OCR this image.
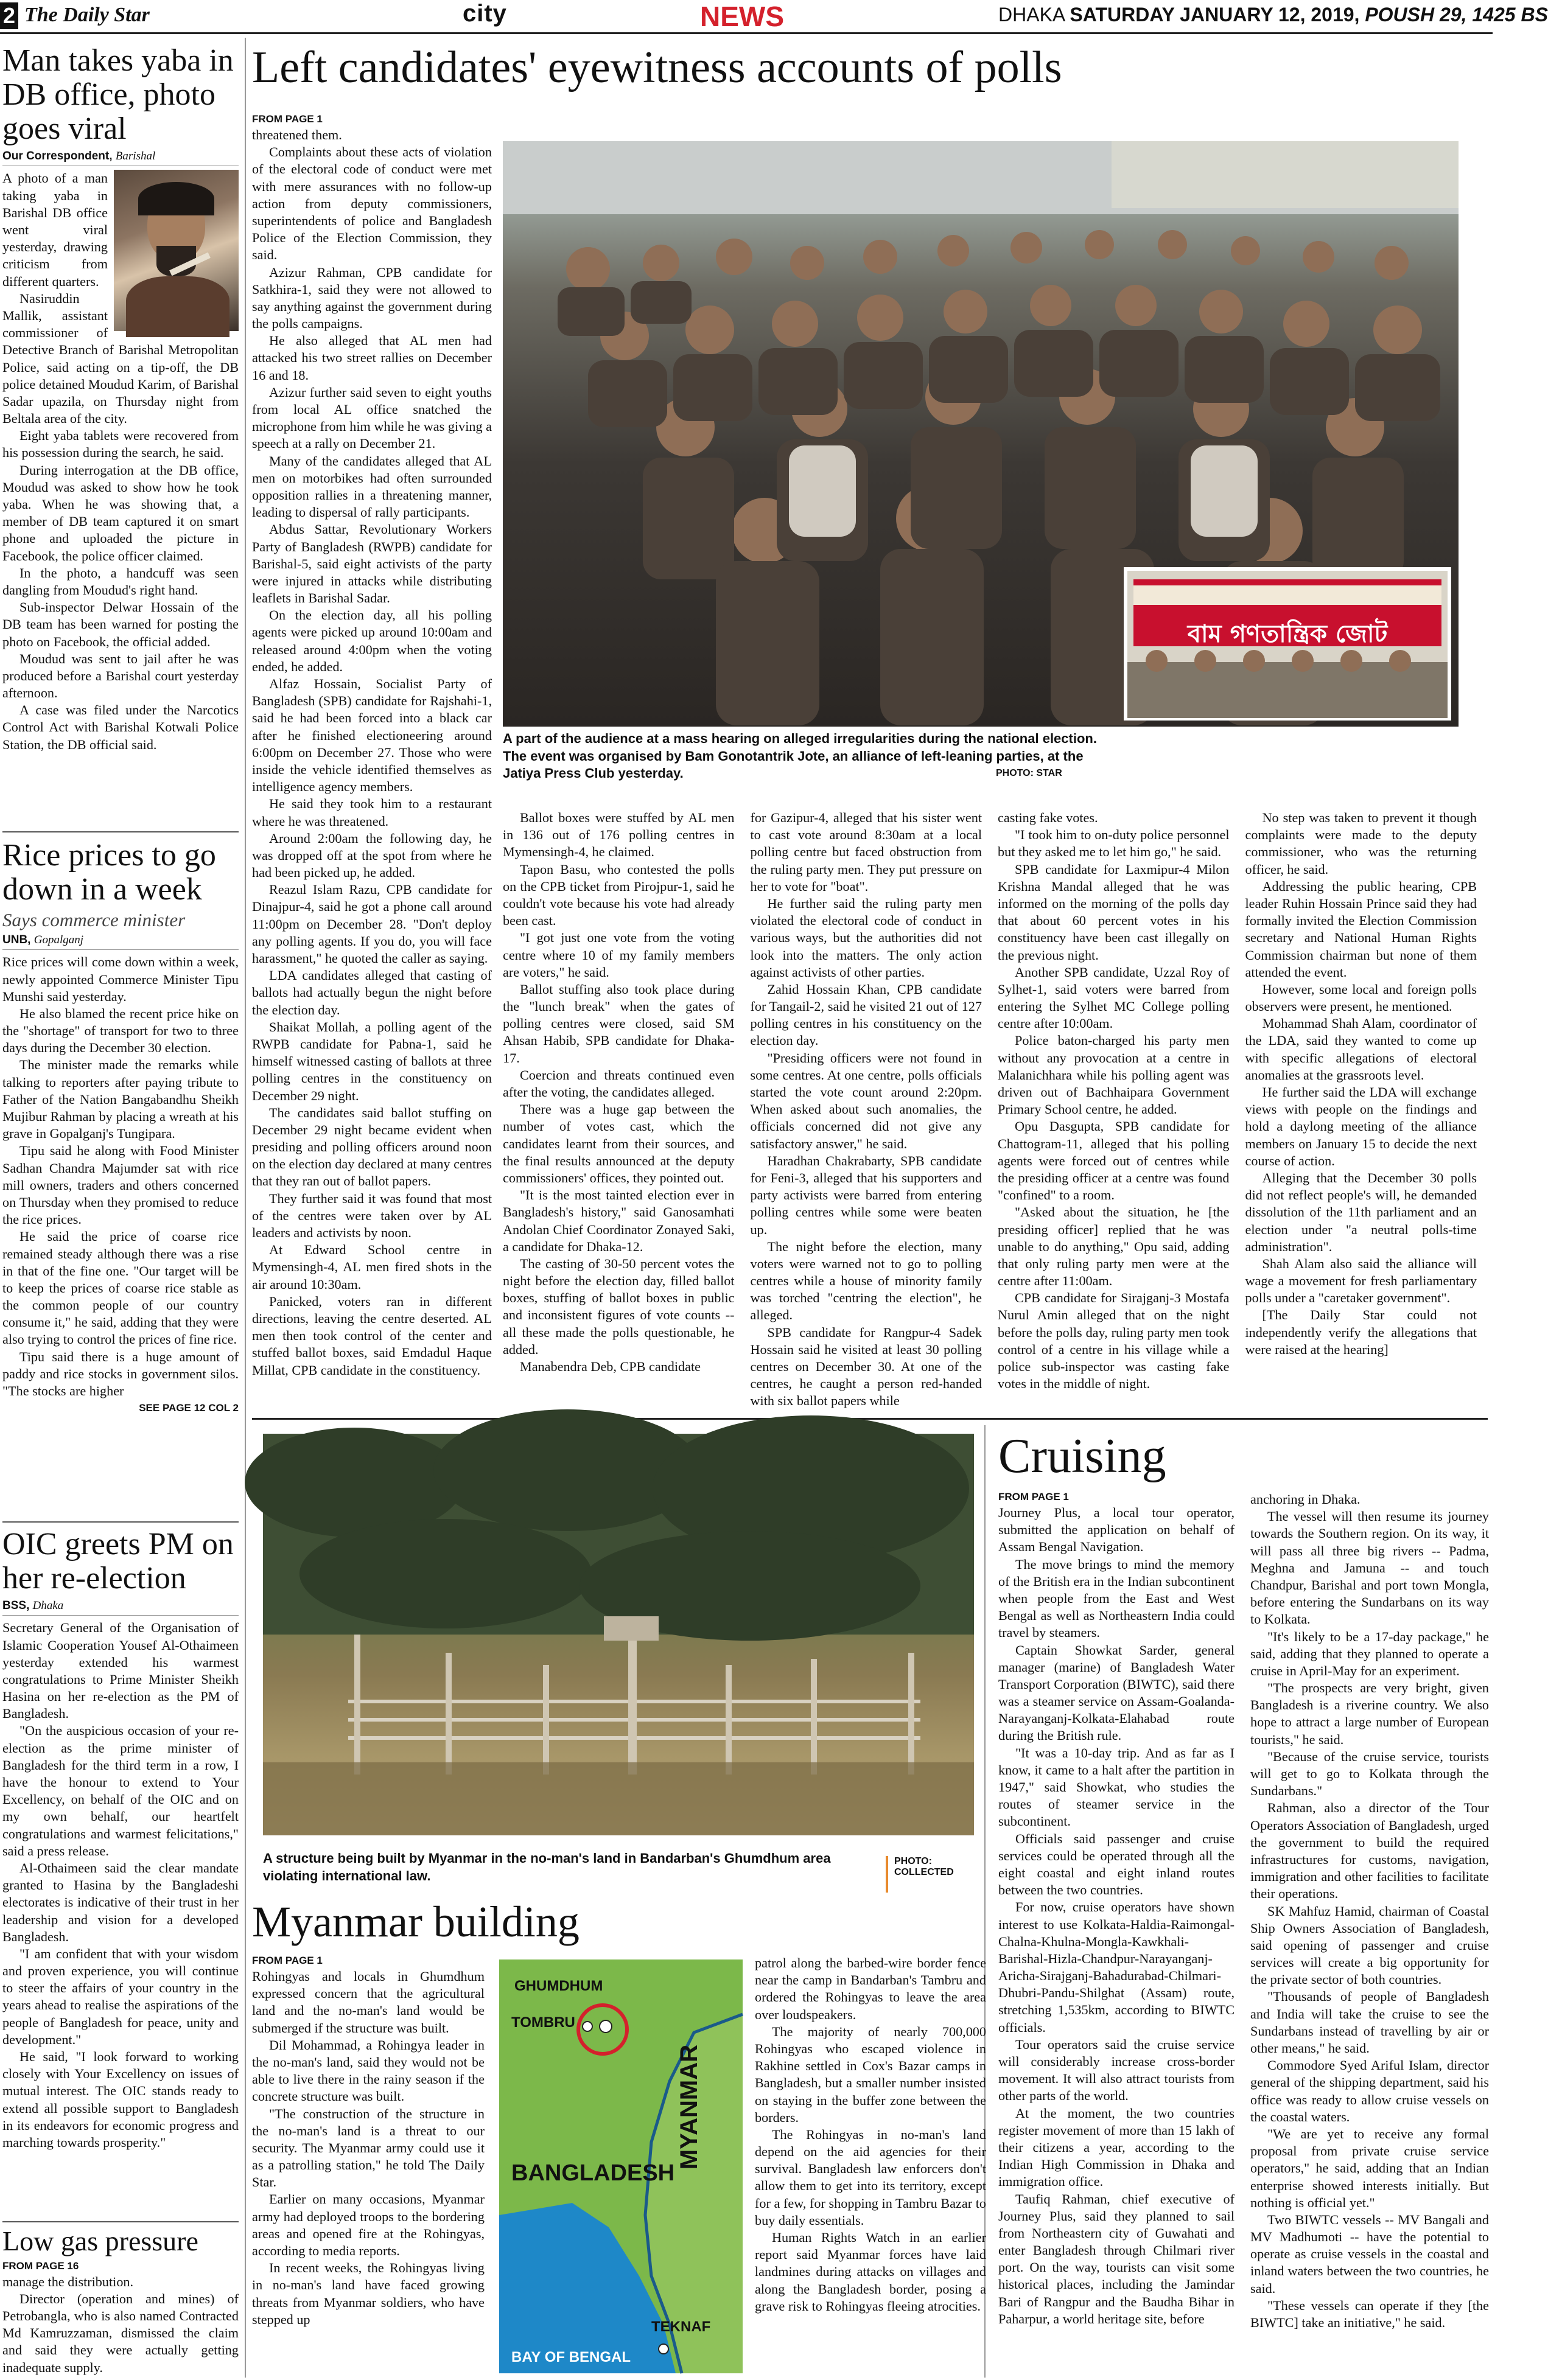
2 The Daily Star	city	NEWS	DHAKA SATURDAY JANUARY 12, 2019, POUSH 29, 1425 BS
Man takes yaba in DB office, photo goes viral
Our Correspondent, Barishal

A photo of a man taking yaba in Barishal DB office went viral yesterday, drawing criticism from different quarters.

Nasiruddin Mallik, assistant commissioner of Detective Branch of Barishal Metropolitan Police, said acting on a tip-off, the DB police detained Moudud Karim, of Barishal Sadar upazila, on Thursday night from Beltala area of the city.

Eight yaba tablets were recovered from his possession during the search, he said.

During interrogation at the DB office, Moudud was asked to show how he took yaba. When he was showing that, a member of DB team captured it on smart phone and uploaded the picture in Facebook, the police officer claimed.

In the photo, a handcuff was seen dangling from Moudud's right hand.

Sub-inspector Delwar Hossain of the DB team has been warned for posting the photo on Facebook, the official added.

Moudud was sent to jail after he was produced before a Barishal court yesterday afternoon.

A case was filed under the Narcotics Control Act with Barishal Kotwali Police Station, the DB official said.

Rice prices to go down in a week
Says commerce minister
UNB, Gopalganj

Rice prices will come down within a week, newly appointed Commerce Minister Tipu Munshi said yesterday.

He also blamed the recent price hike on the "shortage" of transport for two to three days during the December 30 election.

The minister made the remarks while talking to reporters after paying tribute to Father of the Nation Bangabandhu Sheikh Mujibur Rahman by placing a wreath at his grave in Gopalganj's Tungipara.

Tipu said he along with Food Minister Sadhan Chandra Majumder sat with rice mill owners, traders and others concerned on Thursday when they promised to reduce the rice prices.

He said the price of coarse rice remained steady although there was a rise in that of the fine one. "Our target will be to keep the prices of coarse rice stable as the common people of our country consume it," he said, adding that they were also trying to control the prices of fine rice.

Tipu said there is a huge amount of paddy and rice stocks in government silos. "The stocks are higher

SEE PAGE 12 COL 2
OIC greets PM on her re-election
BSS, Dhaka

Secretary General of the Organisation of Islamic Cooperation Yousef Al-Othaimeen yesterday extended his warmest congratulations to Prime Minister Sheikh Hasina on her re-election as the PM of Bangladesh.

"On the auspicious occasion of your re-election as the prime minister of Bangladesh for the third term in a row, I have the honour to extend to Your Excellency, on behalf of the OIC and on my own behalf, our heartfelt congratulations and warmest felicitations," said a press release.

Al-Othaimeen said the clear mandate granted to Hasina by the Bangladeshi electorates is indicative of their trust in her leadership and vision for a developed Bangladesh.

"I am confident that with your wisdom and proven experience, you will continue to steer the affairs of your country in the years ahead to realise the aspirations of the people of Bangladesh for peace, unity and development."

He said, "I look forward to working closely with Your Excellency on issues of mutual interest. The OIC stands ready to extend all possible support to Bangladesh in its endeavors for economic progress and marching towards prosperity."

Low gas pressure
FROM PAGE 16

manage the distribution.

Director (operation and mines) of Petrobangla, who is also named Contracted Md Kamruzzaman, dismissed the claim and said they were actually getting inadequate supply.

Left candidates' eyewitness accounts of polls
FROM PAGE 1

threatened them.

Complaints about these acts of violation of the electoral code of conduct were met with mere assurances with no follow-up action from deputy commissioners, superintendents of police and Bangladesh Police of the Election Commission, they said.

Azizur Rahman, CPB candidate for Satkhira-1, said they were not allowed to say anything against the government during the polls campaigns.

He also alleged that AL men had attacked his two street rallies on December 16 and 18.

Azizur further said seven to eight youths from local AL office snatched the microphone from him while he was giving a speech at a rally on December 21.

Many of the candidates alleged that AL men on motorbikes had often surrounded opposition rallies in a threatening manner, leading to dispersal of rally participants.

Abdus Sattar, Revolutionary Workers Party of Bangladesh (RWPB) candidate for Barishal-5, said eight activists of the party were injured in attacks while distributing leaflets in Barishal Sadar.

On the election day, all his polling agents were picked up around 10:00am and released around 4:00pm when the voting ended, he added.

Alfaz Hossain, Socialist Party of Bangladesh (SPB) candidate for Rajshahi-1, said he had been forced into a black car after he finished electioneering around 6:00pm on December 27. Those who were inside the vehicle identified themselves as intelligence agency members.

He said they took him to a restaurant where he was threatened.

Around 2:00am the following day, he was dropped off at the spot from where he had been picked up, he added.

Reazul Islam Razu, CPB candidate for Dinajpur-4, said he got a phone call around 11:00pm on December 28. "Don't deploy any polling agents. If you do, you will face harassment," he quoted the caller as saying.

LDA candidates alleged that casting of ballots had actually begun the night before the election day.

Shaikat Mollah, a polling agent of the RWPB candidate for Pabna-1, said he himself witnessed casting of ballots at three polling centres in the constituency on December 29 night.

The candidates said ballot stuffing on December 29 night became evident when presiding and polling officers around noon on the election day declared at many centres that they ran out of ballot papers.

They further said it was found that most of the centres were taken over by AL leaders and activists by noon.

At Edward School centre in Mymensingh-4, AL men fired shots in the air around 10:30am.

Panicked, voters ran in different directions, leaving the centre deserted. AL men then took control of the center and stuffed ballot boxes, said Emdadul Haque Millat, CPB candidate in the constituency.

বাম গণতান্ত্রিক জোট
A part of the audience at a mass hearing on alleged irregularities during the national election. The event was organised by Bam Gonotantrik Jote, an alliance of left-leaning parties, at the Jatiya Press Club yesterday.	PHOTO: STAR

Ballot boxes were stuffed by AL men in 136 out of 176 polling centres in Mymensingh-4, he claimed.

Tapon Basu, who contested the polls on the CPB ticket from Pirojpur-1, said he couldn't vote because his vote had already been cast.

"I got just one vote from the voting centre where 10 of my family members are voters," he said.

Ballot stuffing also took place during the "lunch break" when the gates of polling centres were closed, said SM Ahsan Habib, SPB candidate for Dhaka-17.

Coercion and threats continued even after the voting, the candidates alleged.

There was a huge gap between the number of votes cast, which the candidates learnt from their sources, and the final results announced at the deputy commissioners' offices, they pointed out.

"It is the most tainted election ever in Bangladesh's history," said Ganosamhati Andolan Chief Coordinator Zonayed Saki, a candidate for Dhaka-12.

The casting of 30-50 percent votes the night before the election day, filled ballot boxes, stuffing of ballot boxes in public and inconsistent figures of vote counts -- all these made the polls questionable, he added.

Manabendra Deb, CPB candidate

for Gazipur-4, alleged that his sister went to cast vote around 8:30am at a local polling centre but faced obstruction from the ruling party men. They put pressure on her to vote for "boat".

He further said the ruling party men violated the electoral code of conduct in various ways, but the authorities did not look into the matters. The only action against activists of other parties.

Zahid Hossain Khan, CPB candidate for Tangail-2, said he visited 21 out of 127 polling centres in his constituency on the election day.

"Presiding officers were not found in some centres. At one centre, polls officials started the vote count around 2:20pm. When asked about such anomalies, the officials concerned did not give any satisfactory answer," he said.

Haradhan Chakrabarty, SPB candidate for Feni-3, alleged that his supporters and party activists were barred from entering polling centres while some were beaten up.

The night before the election, many voters were warned not to go to polling centres while a house of minority family was torched "centring the election", he alleged.

SPB candidate for Rangpur-4 Sadek Hossain said he visited at least 30 polling centres on December 30. At one of the centres, he caught a person red-handed with six ballot papers while

casting fake votes.

"I took him to on-duty police personnel but they asked me to let him go," he said.

SPB candidate for Laxmipur-4 Milon Krishna Mandal alleged that he was informed on the morning of the polls day that about 60 percent votes in his constituency have been cast illegally on the previous night.

Another SPB candidate, Uzzal Roy of Sylhet-1, said voters were barred from entering the Sylhet MC College polling centre after 10:00am.

Police baton-charged his party men without any provocation at a centre in Malanichhara while his polling agent was driven out of Bachhaipara Government Primary School centre, he added.

Opu Dasgupta, SPB candidate for Chattogram-11, alleged that his polling agents were forced out of centres while the presiding officer at a centre was found "confined" to a room.

"Asked about the situation, he [the presiding officer] replied that he was unable to do anything," Opu said, adding that only ruling party men were at the centre after 11:00am.

CPB candidate for Sirajganj-3 Mostafa Nurul Amin alleged that on the night before the polls day, ruling party men took control of a centre in his village while a police sub-inspector was casting fake votes in the middle of night.

No step was taken to prevent it though complaints were made to the deputy commissioner, who was the returning officer, he said.

Addressing the public hearing, CPB leader Ruhin Hossain Prince said they had formally invited the Election Commission secretary and National Human Rights Commission chairman but none of them attended the event.

However, some local and foreign polls observers were present, he mentioned.

Mohammad Shah Alam, coordinator of the LDA, said they wanted to come up with specific allegations of electoral anomalies at the grassroots level.

He further said the LDA will exchange views with people on the findings and hold a daylong meeting of the alliance members on January 15 to decide the next course of action.

Alleging that the December 30 polls did not reflect people's will, he demanded dissolution of the 11th parliament and an election under "a neutral polls-time administration".

Shah Alam also said the alliance will wage a movement for fresh parliamentary polls under a "caretaker government".

[The Daily Star could not independently verify the allegations that were raised at the hearing]

A structure being built by Myanmar in the no-man's land in Bandarban's Ghumdhum area violating international law.
PHOTO: COLLECTED
Myanmar building
FROM PAGE 1

Rohingyas and locals in Ghumdhum expressed concern that the agricultural land and the no-man's land would be submerged if the structure was built.

Dil Mohammad, a Rohingya leader in the no-man's land, said they would not be able to live there in the rainy season if the concrete structure was built.

"The construction of the structure in the no-man's land is a threat to our security. The Myanmar army could use it as a patrolling station," he told The Daily Star.

Earlier on many occasions, Myanmar army had deployed troops to the bordering areas and opened fire at the Rohingyas, according to media reports.

In recent weeks, the Rohingyas living in no-man's land have faced growing threats from Myanmar soldiers, who have stepped up

GHUMDHUM
TOMBRU
MYANMAR
BANGLADESH
TEKNAF
BAY OF BENGAL

patrol along the barbed-wire border fence near the camp in Bandarban's Tambru and ordered the Rohingyas to leave the area over loudspeakers.

The majority of nearly 700,000 Rohingyas who escaped violence in Rakhine settled in Cox's Bazar camps in Bangladesh, but a smaller number insisted on staying in the buffer zone between the borders.

The Rohingyas in no-man's land depend on the aid agencies for their survival. Bangladesh law enforcers don't allow them to get into its territory, except for a few, for shopping in Tambru Bazar to buy daily essentials.

Human Rights Watch in an earlier report said Myanmar forces have laid landmines during attacks on villages and along the Bangladesh border, posing a grave risk to Rohingyas fleeing atrocities.

Cruising
FROM PAGE 1

Journey Plus, a local tour operator, submitted the application on behalf of Assam Bengal Navigation.

The move brings to mind the memory of the British era in the Indian subcontinent when people from the East and West Bengal as well as Northeastern India could travel by steamers.

Captain Showkat Sarder, general manager (marine) of Bangladesh Water Transport Corporation (BIWTC), said there was a steamer service on Assam-Goalanda-Narayanganj-Kolkata-Elahabad route during the British rule.

"It was a 10-day trip. And as far as I know, it came to a halt after the partition in 1947," said Showkat, who studies the routes of steamer service in the subcontinent.

Officials said passenger and cruise services could be operated through all the eight coastal and eight inland routes between the two countries.

For now, cruise operators have shown interest to use Kolkata-Haldia-Raimongal-Chalna-Khulna-Mongla-Kawkhali-Barishal-Hizla-Chandpur-Narayanganj-Aricha-Sirajganj-Bahadurabad-Chilmari-Dhubri-Pandu-Shilghat (Assam) route, stretching 1,535km, according to BIWTC officials.

Tour operators said the cruise service will considerably increase cross-border movement. It will also attract tourists from other parts of the world.

At the moment, the two countries register movement of more than 15 lakh of their citizens a year, according to the Indian High Commission in Dhaka and immigration office.

Taufiq Rahman, chief executive of Journey Plus, said they planned to sail from Northeastern city of Guwahati and enter Bangladesh through Chilmari river port. On the way, tourists can visit some historical places, including the Jamindar Bari of Rangpur and the Baudha Bihar in Paharpur, a world heritage site, before

anchoring in Dhaka.

The vessel will then resume its journey towards the Southern region. On its way, it will pass all three big rivers -- Padma, Meghna and Jamuna -- and touch Chandpur, Barishal and port town Mongla, before entering the Sundarbans on its way to Kolkata.

"It's likely to be a 17-day package," he said, adding that they planned to operate a cruise in April-May for an experiment.

"The prospects are very bright, given Bangladesh is a riverine country. We also hope to attract a large number of European tourists," he said.

"Because of the cruise service, tourists will get to go to Kolkata through the Sundarbans."

Rahman, also a director of the Tour Operators Association of Bangladesh, urged the government to build the required infrastructures for customs, navigation, immigration and other facilities to facilitate their operations.

SK Mahfuz Hamid, chairman of Coastal Ship Owners Association of Bangladesh, said opening of passenger and cruise services will create a big opportunity for the private sector of both countries.

"Thousands of people of Bangladesh and India will take the cruise to see the Sundarbans instead of travelling by air or other means," he said.

Commodore Syed Ariful Islam, director general of the shipping department, said his office was ready to allow cruise vessels on the coastal waters.

"We are yet to receive any formal proposal from private cruise service operators," he said, adding that an Indian enterprise showed interests initially. But nothing is official yet."

Two BIWTC vessels -- MV Bangali and MV Madhumoti -- have the potential to operate as cruise vessels in the coastal and inland waters between the two countries, he said.

"These vessels can operate if they [the BIWTC] take an initiative," he said.
